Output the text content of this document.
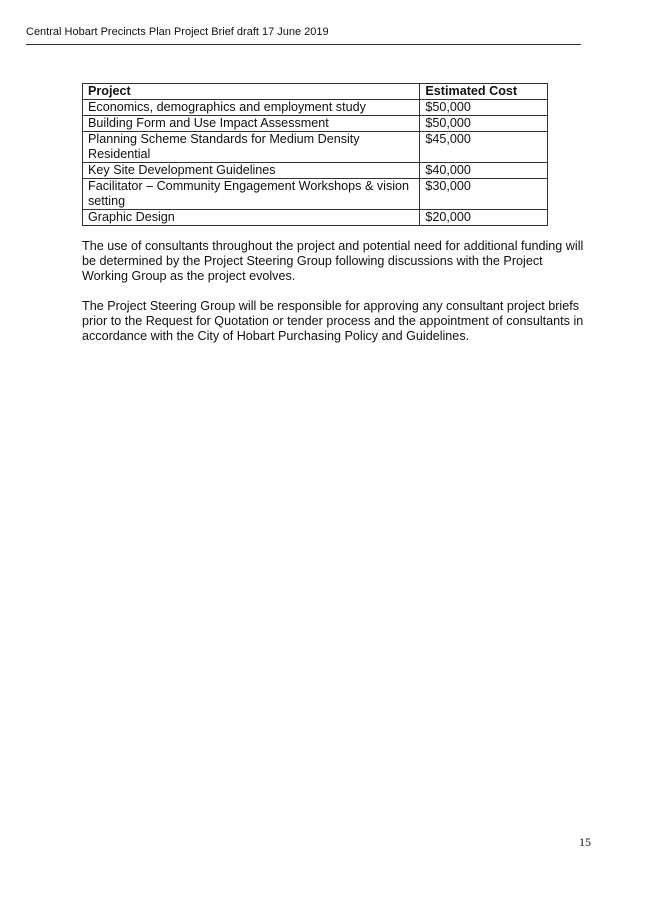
Central Hobart Precincts Plan Project Brief draft 17 June 2019
Project	Estimated Cost
Economics, demographics and employment study	$50,000
Building Form and Use Impact Assessment	$50,000
Planning Scheme Standards for Medium Density Residential	$45,000
Key Site Development Guidelines	$40,000
Facilitator – Community Engagement Workshops & vision setting	$30,000
Graphic Design	$20,000

The use of consultants throughout the project and potential need for additional funding will be determined by the Project Steering Group following discussions with the Project Working Group as the project evolves.

The Project Steering Group will be responsible for approving any consultant project briefs prior to the Request for Quotation or tender process and the appointment of consultants in accordance with the City of Hobart Purchasing Policy and Guidelines.

15
